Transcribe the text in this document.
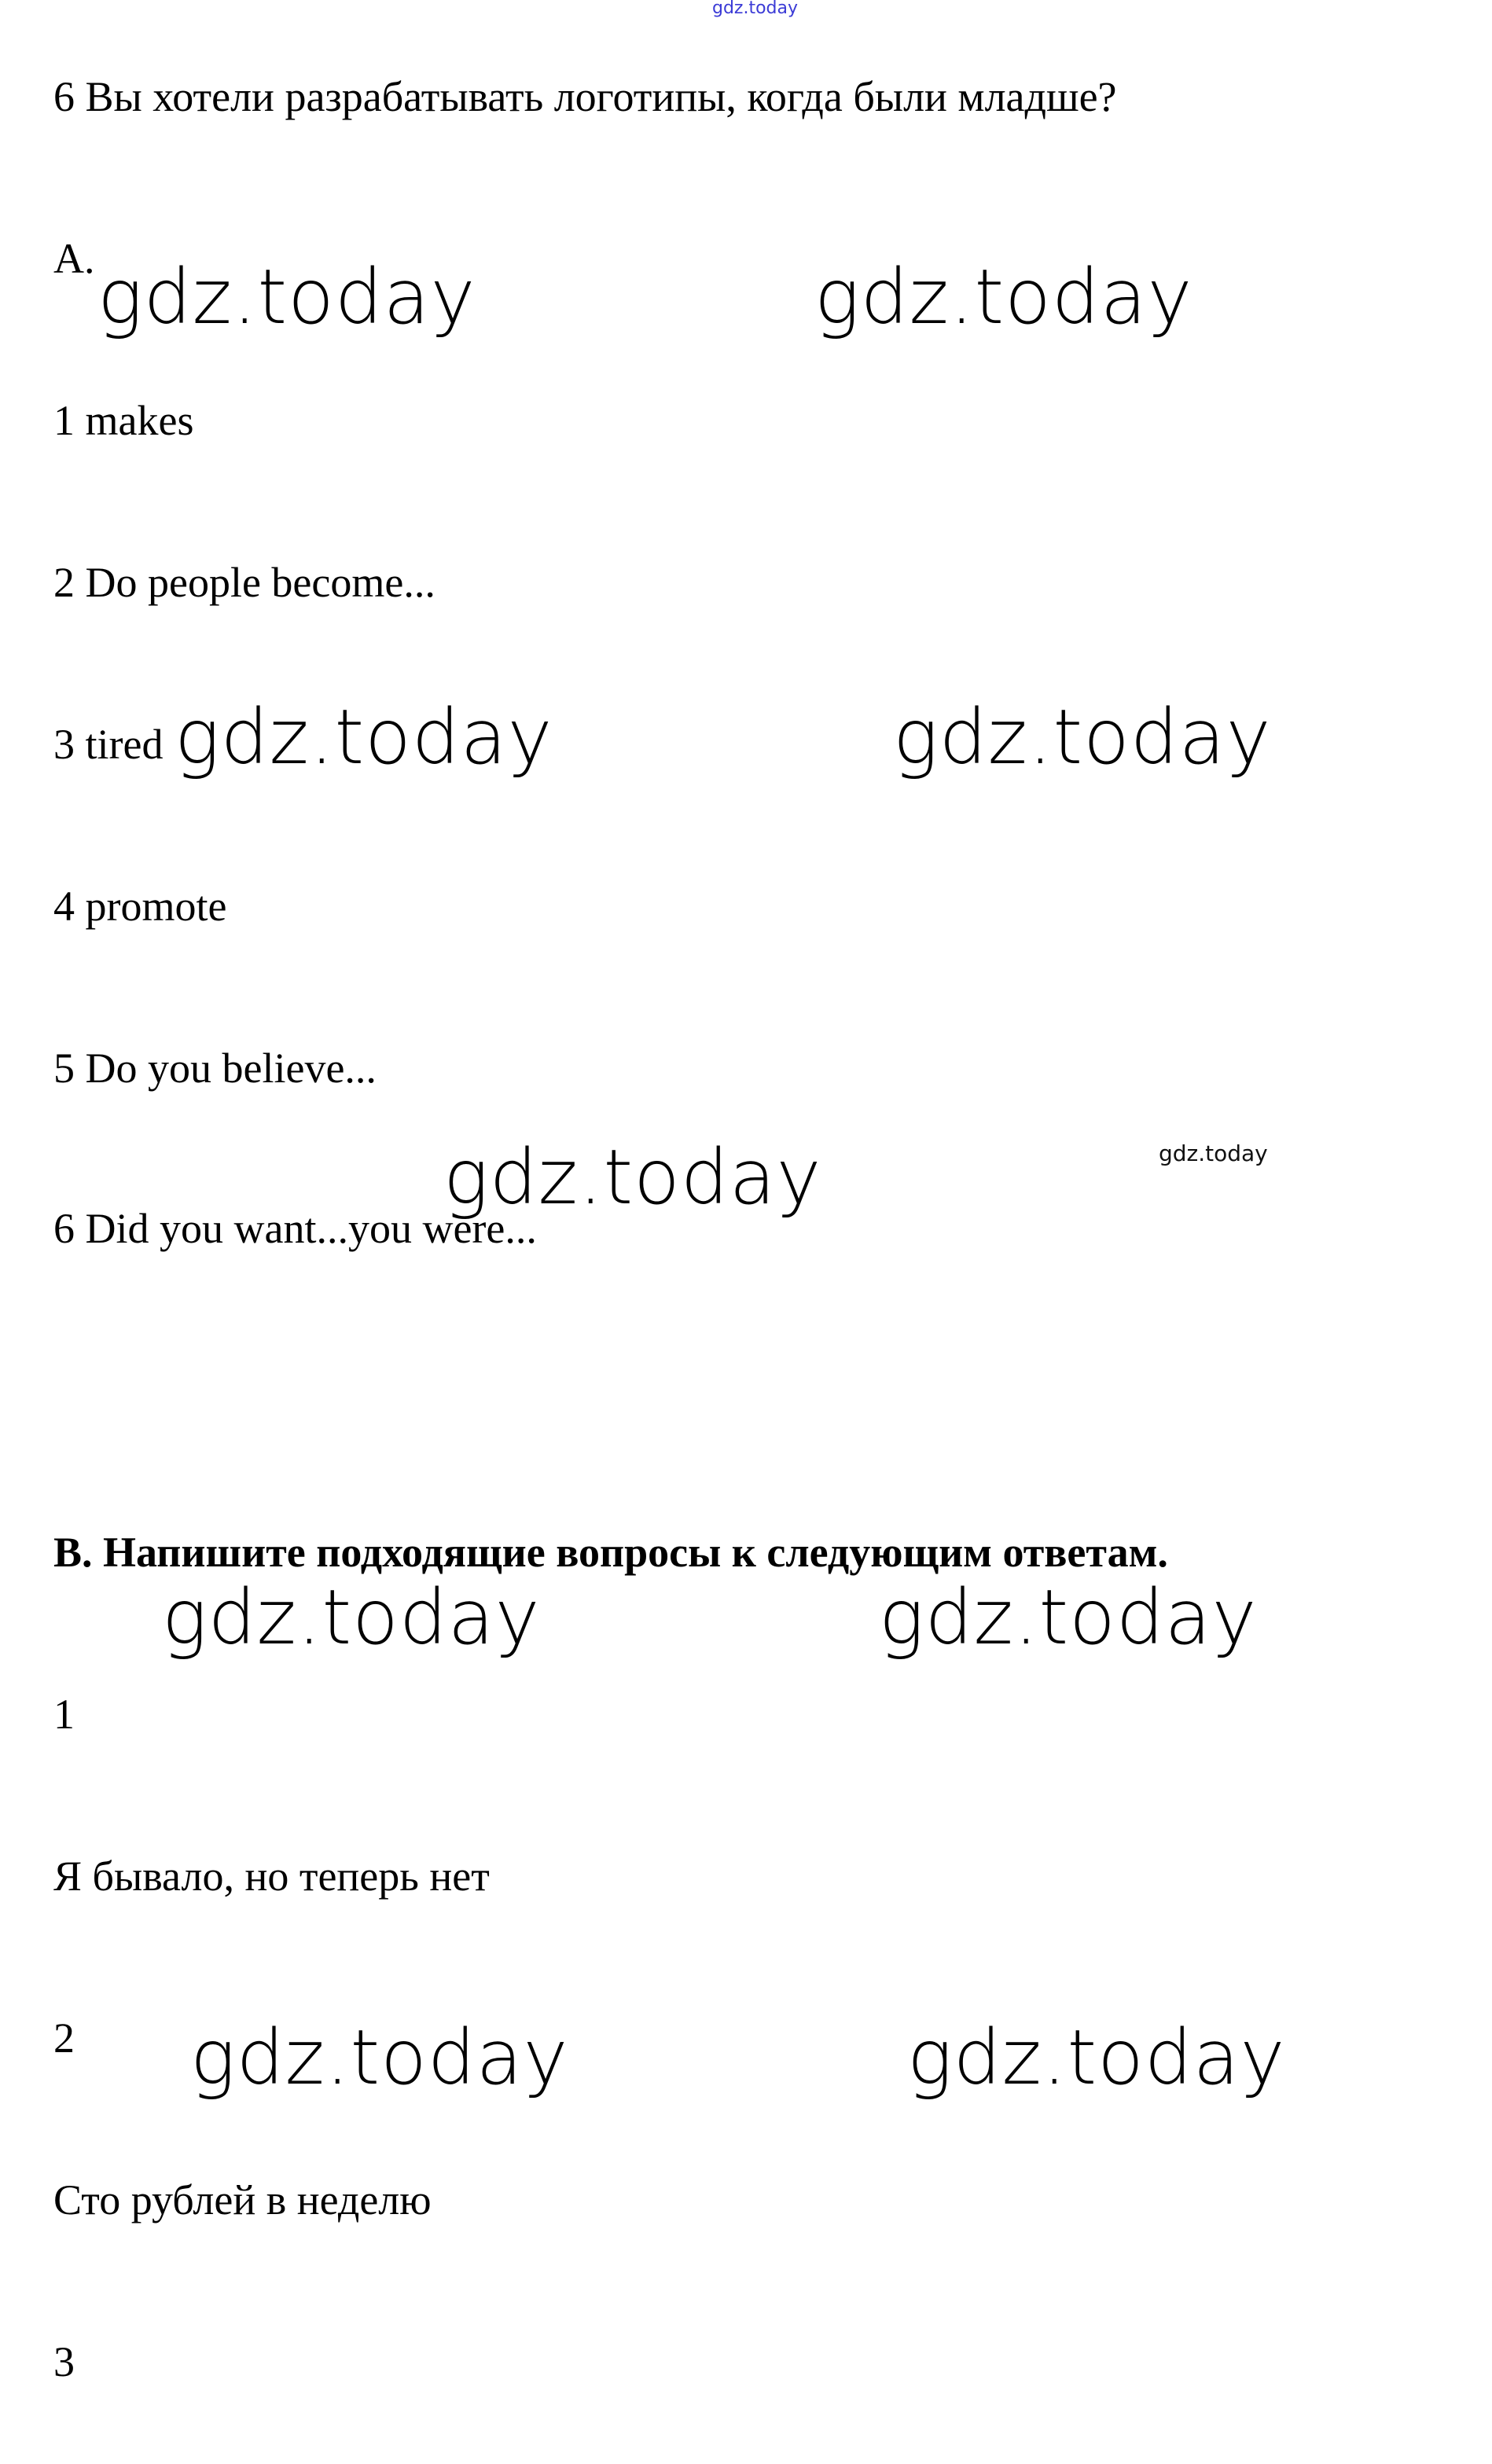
gdz.today
6 Вы хотели разрабатывать логотипы, когда были младше?
A. gdz.today	gdz.today
1 makes
2 Do people become...
3 tired gdz.today	gdz.today
4 promote
5 Do you believe...
gdz.today	gdz.today
6 Did you want...you were...
B. Напишите подходящие вопросы к следующим ответам.
gdz.today	gdz.today
1
Я бывало, но теперь нет
2 gdz.today	gdz.today
Сто рублей в неделю
3
